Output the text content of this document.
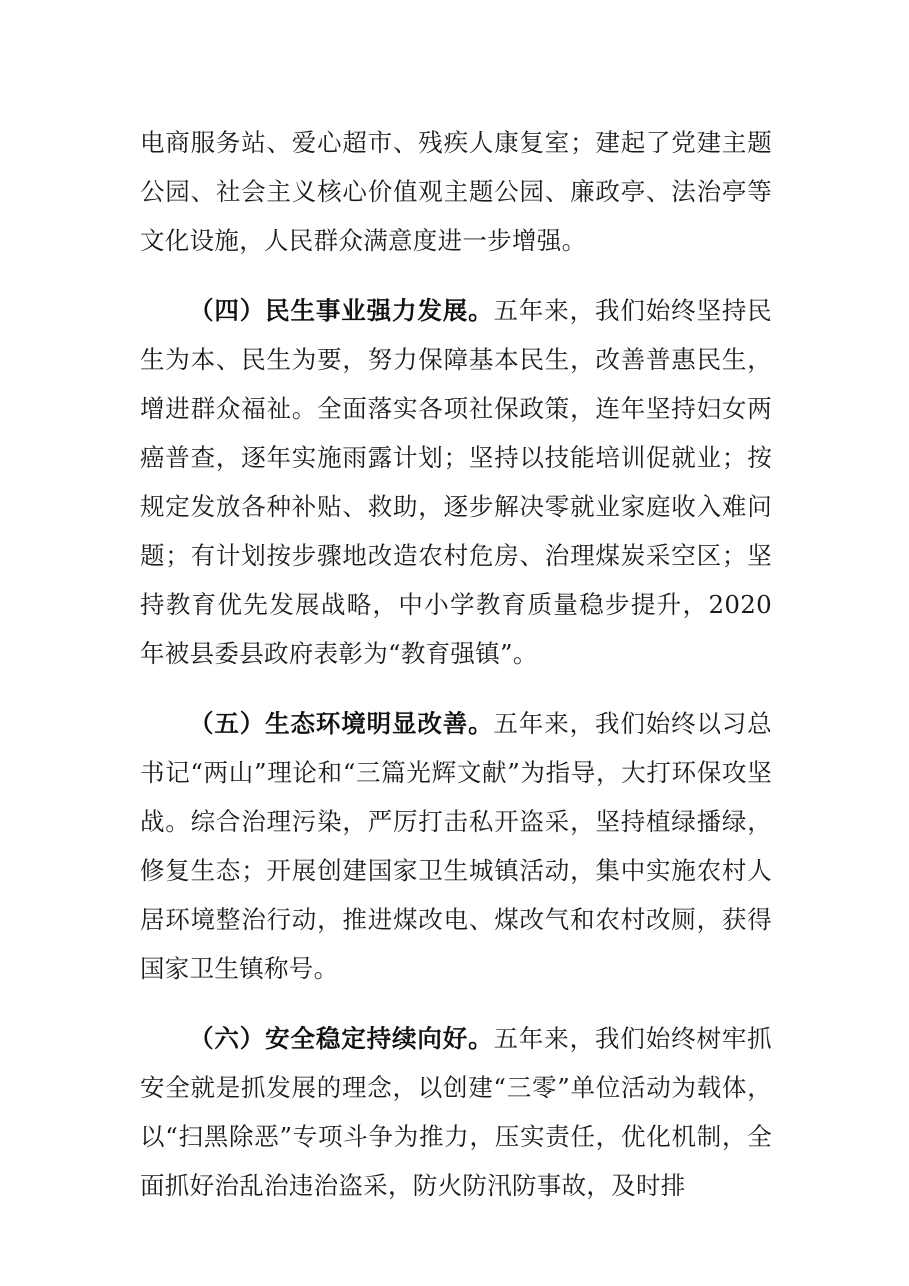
电商服务站、爱心超市、残疾人康复室；建起了党建主题公园、社会主义核心价值观主题公园、廉政亭、法治亭等文化设施，人民群众满意度进一步增强。

（四）民生事业强力发展。五年来，我们始终坚持民生为本、民生为要，努力保障基本民生，改善普惠民生，增进群众福祉。全面落实各项社保政策，连年坚持妇女两癌普查，逐年实施雨露计划；坚持以技能培训促就业；按规定发放各种补贴、救助，逐步解决零就业家庭收入难问题；有计划按步骤地改造农村危房、治理煤炭采空区；坚持教育优先发展战略，中小学教育质量稳步提升，2020年被县委县政府表彰为“教育强镇”。

（五）生态环境明显改善。五年来，我们始终以习总书记“两山”理论和“三篇光辉文献”为指导，大打环保攻坚战。综合治理污染，严厉打击私开盗采，坚持植绿播绿，修复生态；开展创建国家卫生城镇活动，集中实施农村人居环境整治行动，推进煤改电、煤改气和农村改厕，获得国家卫生镇称号。

（六）安全稳定持续向好。五年来，我们始终树牢抓安全就是抓发展的理念，以创建“三零”单位活动为载体，以“扫黑除恶”专项斗争为推力，压实责任，优化机制，全面抓好治乱治违治盗采，防火防汛防事故，及时排
